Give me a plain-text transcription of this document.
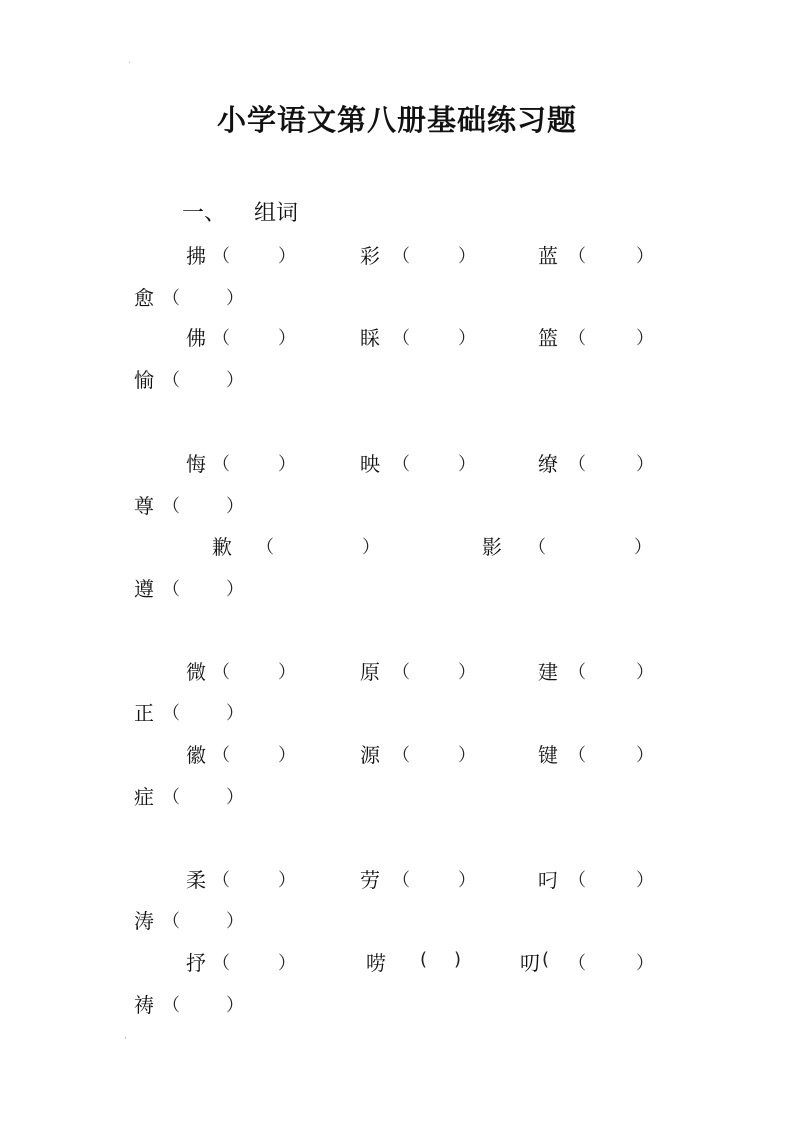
·
小学语文第八册基础练习题
一、 组词
拂 （	）	彩 （	）	蓝 （	）
愈 （	）
佛 （	）	睬 （	）	篮 （	）
愉 （	）
悔 （	）	映 （	）	缭 （	）
尊 （	）
歉 （	）	影 （	）
遵 （	）
微 （	）	原 （	）	建 （	）
正 （	）
徽 （	）	源 （	）	键 （	）
症 （	）
柔 （	）	劳 （	）	叼 （	）
涛 （	）
抒 （	）	唠 ( )	叨 ( （	）
祷 （	）
,
